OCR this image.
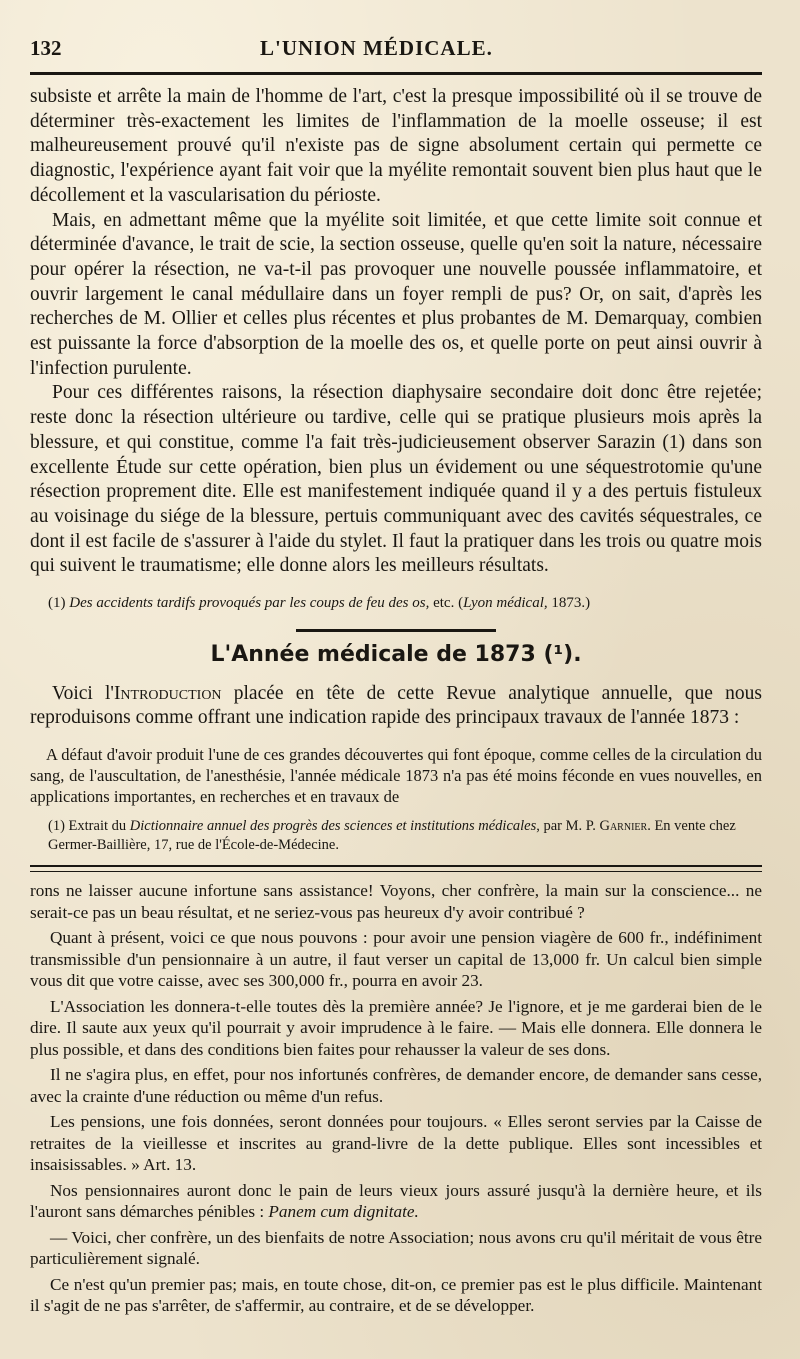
132	L'UNION MÉDICALE.

subsiste et arrête la main de l'homme de l'art, c'est la presque impossibilité où il se trouve de déterminer très-exactement les limites de l'inflammation de la moelle osseuse; il est malheureusement prouvé qu'il n'existe pas de signe absolument certain qui permette ce diagnostic, l'expérience ayant fait voir que la myélite remontait souvent bien plus haut que le décollement et la vascularisation du périoste.

Mais, en admettant même que la myélite soit limitée, et que cette limite soit connue et déterminée d'avance, le trait de scie, la section osseuse, quelle qu'en soit la nature, nécessaire pour opérer la résection, ne va-t-il pas provoquer une nouvelle poussée inflammatoire, et ouvrir largement le canal médullaire dans un foyer rempli de pus? Or, on sait, d'après les recherches de M. Ollier et celles plus récentes et plus probantes de M. Demarquay, combien est puissante la force d'absorption de la moelle des os, et quelle porte on peut ainsi ouvrir à l'infection purulente.

Pour ces différentes raisons, la résection diaphysaire secondaire doit donc être rejetée; reste donc la résection ultérieure ou tardive, celle qui se pratique plusieurs mois après la blessure, et qui constitue, comme l'a fait très-judicieusement observer Sarazin (1) dans son excellente Étude sur cette opération, bien plus un évidement ou une séquestrotomie qu'une résection proprement dite. Elle est manifestement indiquée quand il y a des pertuis fistuleux au voisinage du siége de la blessure, pertuis communiquant avec des cavités séquestrales, ce dont il est facile de s'assurer à l'aide du stylet. Il faut la pratiquer dans les trois ou quatre mois qui suivent le traumatisme; elle donne alors les meilleurs résultats.

(1) Des accidents tardifs provoqués par les coups de feu des os, etc. (Lyon médical, 1873.)
L'Année médicale de 1873 (¹).

Voici l'Introduction placée en tête de cette Revue analytique annuelle, que nous reproduisons comme offrant une indication rapide des principaux travaux de l'année 1873 :

A défaut d'avoir produit l'une de ces grandes découvertes qui font époque, comme celles de la circulation du sang, de l'auscultation, de l'anesthésie, l'année médicale 1873 n'a pas été moins féconde en vues nouvelles, en applications importantes, en recherches et en travaux de

(1) Extrait du Dictionnaire annuel des progrès des sciences et institutions médicales, par M. P. Garnier. En vente chez Germer-Baillière, 17, rue de l'École-de-Médecine.

rons ne laisser aucune infortune sans assistance! Voyons, cher confrère, la main sur la conscience... ne serait-ce pas un beau résultat, et ne seriez-vous pas heureux d'y avoir contribué ?

Quant à présent, voici ce que nous pouvons : pour avoir une pension viagère de 600 fr., indéfiniment transmissible d'un pensionnaire à un autre, il faut verser un capital de 13,000 fr. Un calcul bien simple vous dit que votre caisse, avec ses 300,000 fr., pourra en avoir 23.

L'Association les donnera-t-elle toutes dès la première année? Je l'ignore, et je me garderai bien de le dire. Il saute aux yeux qu'il pourrait y avoir imprudence à le faire. — Mais elle donnera. Elle donnera le plus possible, et dans des conditions bien faites pour rehausser la valeur de ses dons.

Il ne s'agira plus, en effet, pour nos infortunés confrères, de demander encore, de demander sans cesse, avec la crainte d'une réduction ou même d'un refus.

Les pensions, une fois données, seront données pour toujours. « Elles seront servies par la Caisse de retraites de la vieillesse et inscrites au grand-livre de la dette publique. Elles sont incessibles et insaisissables. » Art. 13.

Nos pensionnaires auront donc le pain de leurs vieux jours assuré jusqu'à la dernière heure, et ils l'auront sans démarches pénibles : Panem cum dignitate.

— Voici, cher confrère, un des bienfaits de notre Association; nous avons cru qu'il méritait de vous être particulièrement signalé.

Ce n'est qu'un premier pas; mais, en toute chose, dit-on, ce premier pas est le plus difficile. Maintenant il s'agit de ne pas s'arrêter, de s'affermir, au contraire, et de se développer.
